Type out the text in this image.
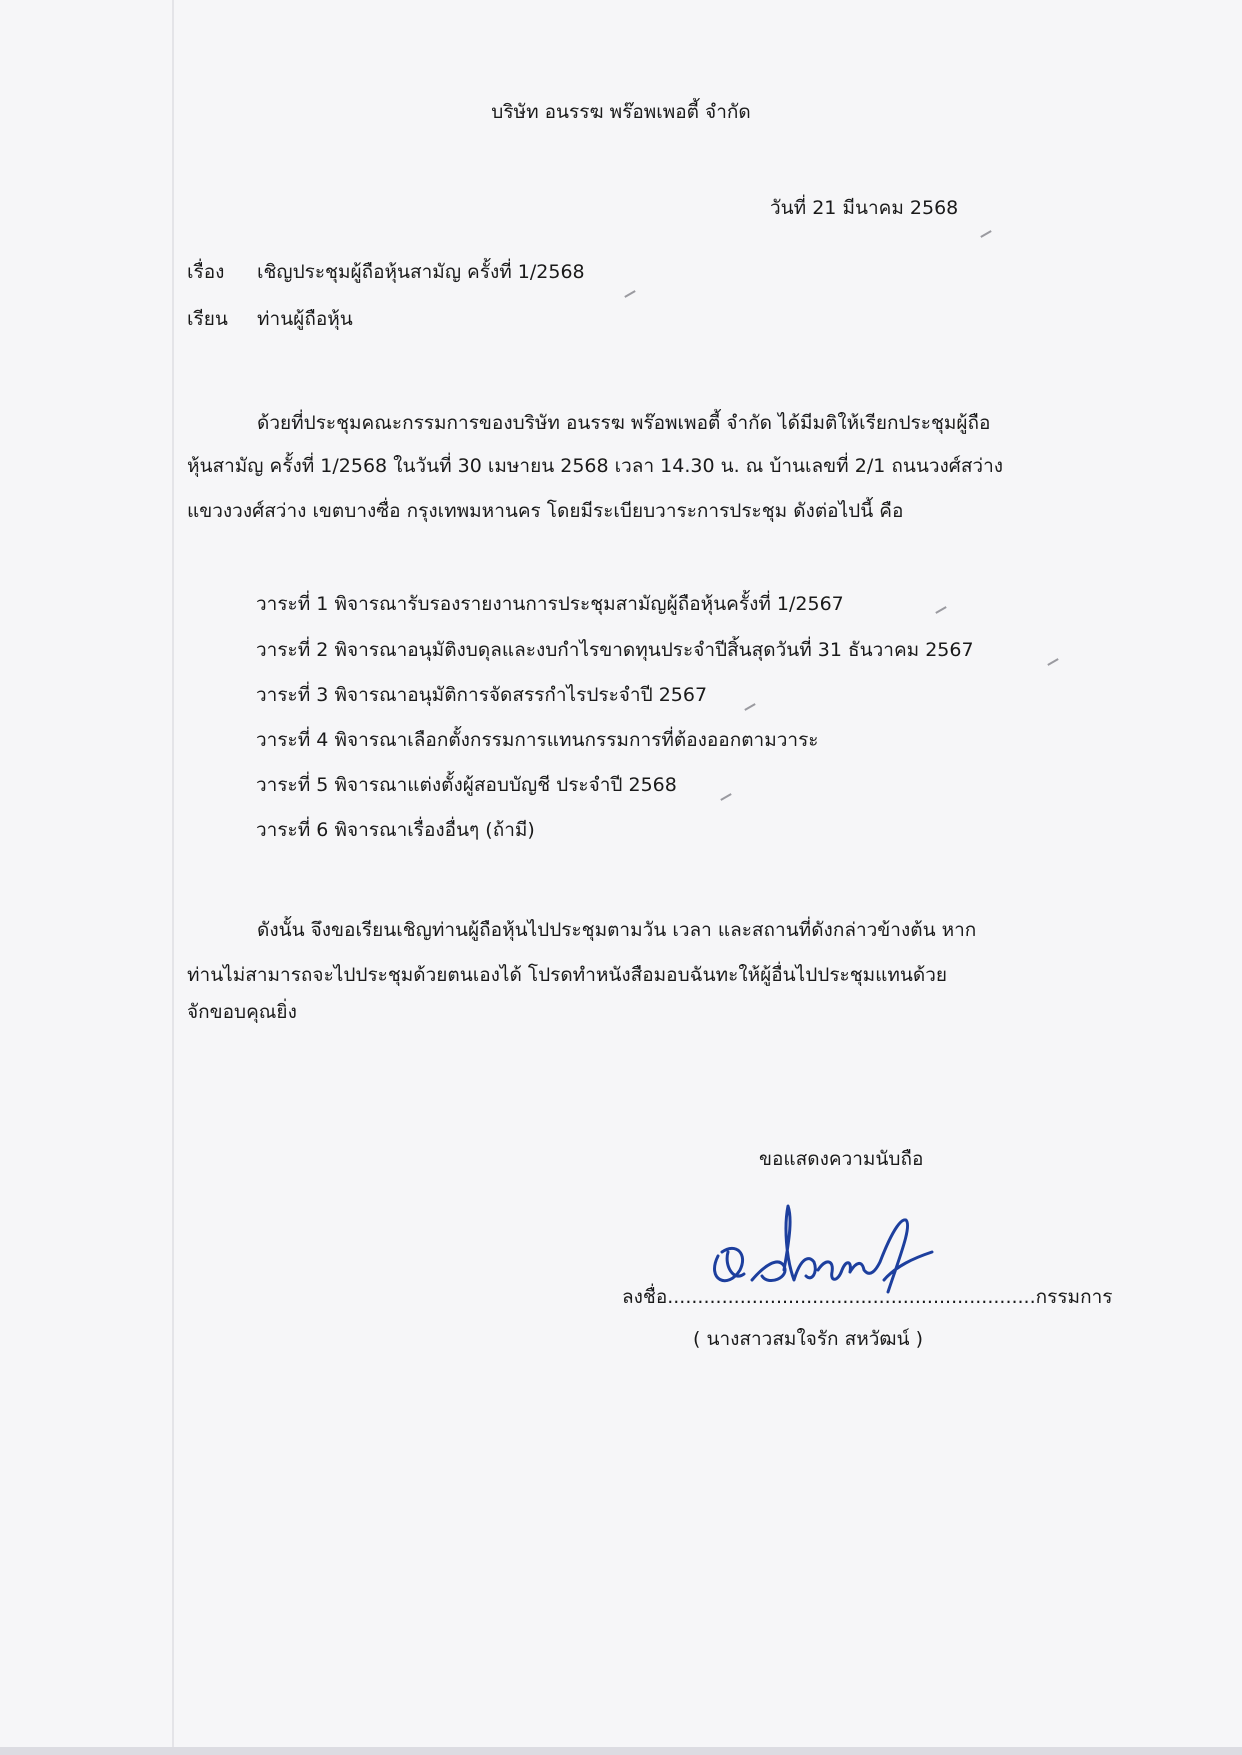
บริษัท อนรรฆ พร๊อพเพอตี้ จำกัด
วันที่ 21 มีนาคม 2568
เรื่อง เชิญประชุมผู้ถือหุ้นสามัญ ครั้งที่ 1/2568
เรียน ท่านผู้ถือหุ้น
ด้วยที่ประชุมคณะกรรมการของบริษัท อนรรฆ พร๊อพเพอตี้ จำกัด ได้มีมติให้เรียกประชุมผู้ถือ
หุ้นสามัญ ครั้งที่ 1/2568 ในวันที่ 30 เมษายน 2568 เวลา 14.30 น. ณ บ้านเลขที่ 2/1 ถนนวงศ์สว่าง
แขวงวงศ์สว่าง เขตบางซื่อ กรุงเทพมหานคร โดยมีระเบียบวาระการประชุม ดังต่อไปนี้ คือ
วาระที่ 1 พิจารณารับรองรายงานการประชุมสามัญผู้ถือหุ้นครั้งที่ 1/2567
วาระที่ 2 พิจารณาอนุมัติงบดุลและงบกำไรขาดทุนประจำปีสิ้นสุดวันที่ 31 ธันวาคม 2567
วาระที่ 3 พิจารณาอนุมัติการจัดสรรกำไรประจำปี 2567
วาระที่ 4 พิจารณาเลือกตั้งกรรมการแทนกรรมการที่ต้องออกตามวาระ
วาระที่ 5 พิจารณาแต่งตั้งผู้สอบบัญชี ประจำปี 2568
วาระที่ 6 พิจารณาเรื่องอื่นๆ (ถ้ามี)
ดังนั้น จึงขอเรียนเชิญท่านผู้ถือหุ้นไปประชุมตามวัน เวลา และสถานที่ดังกล่าวข้างต้น หาก
ท่านไม่สามารถจะไปประชุมด้วยตนเองได้ โปรดทำหนังสือมอบฉันทะให้ผู้อื่นไปประชุมแทนด้วย
จักขอบคุณยิ่ง
ขอแสดงความนับถือ
ลงชื่อ.............................................................กรรมการ
( นางสาวสมใจรัก สหวัฒน์ )
